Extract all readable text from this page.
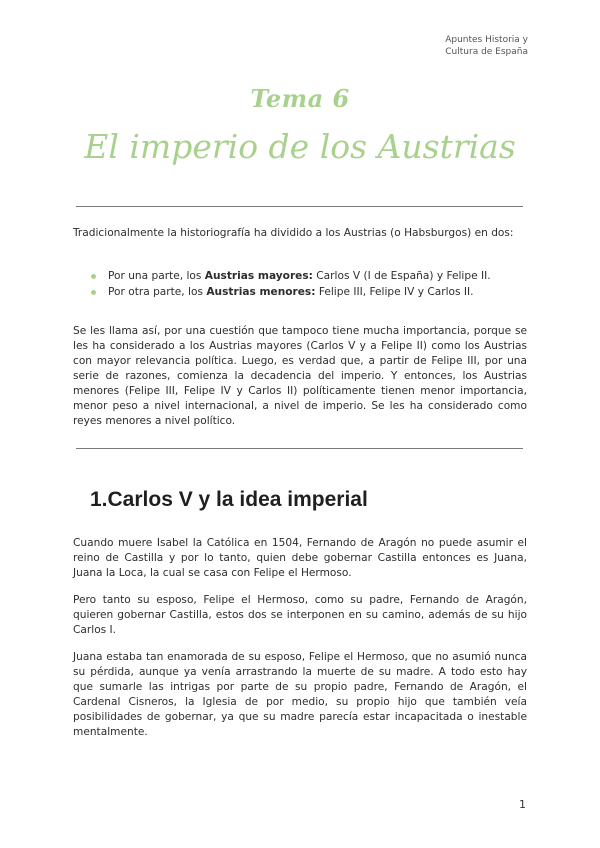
Apuntes Historia y
Cultura de España
Tema 6
El imperio de los Austrias

Tradicionalmente la historiografía ha dividido a los Austrias (o Habsburgos) en dos:

Por una parte, los Austrias mayores: Carlos V (I de España) y Felipe II.
Por otra parte, los Austrias menores: Felipe III, Felipe IV y Carlos II.

Se les llama así, por una cuestión que tampoco tiene mucha importancia, porque se les ha considerado a los Austrias mayores (Carlos V y a Felipe II) como los Austrias con mayor relevancia política. Luego, es verdad que, a partir de Felipe III, por una serie de razones, comienza la decadencia del imperio. Y entonces, los Austrias menores (Felipe III, Felipe IV y Carlos II) políticamente tienen menor importancia, menor peso a nivel internacional, a nivel de imperio. Se les ha considerado como reyes menores a nivel político.

1.Carlos V y la idea imperial

Cuando muere Isabel la Católica en 1504, Fernando de Aragón no puede asumir el reino de Castilla y por lo tanto, quien debe gobernar Castilla entonces es Juana, Juana la Loca, la cual se casa con Felipe el Hermoso.

Pero tanto su esposo, Felipe el Hermoso, como su padre, Fernando de Aragón, quieren gobernar Castilla, estos dos se interponen en su camino, además de su hijo Carlos I.

Juana estaba tan enamorada de su esposo, Felipe el Hermoso, que no asumió nunca su pérdida, aunque ya venía arrastrando la muerte de su madre. A todo esto hay que sumarle las intrigas por parte de su propio padre, Fernando de Aragón, el Cardenal Cisneros, la Iglesia de por medio, su propio hijo que también veía posibilidades de gobernar, ya que su madre parecía estar incapacitada o inestable mentalmente.

1
